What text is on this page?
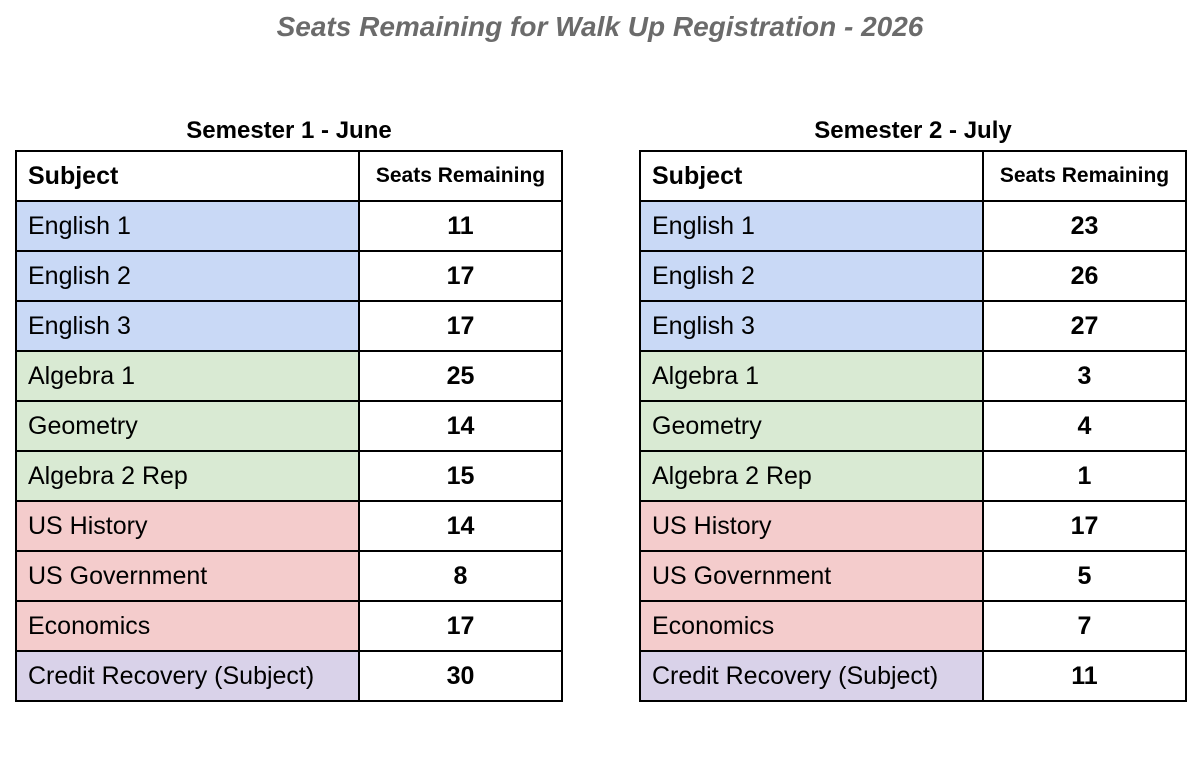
Seats Remaining for Walk Up Registration - 2026
Semester 1 - June
Subject	Seats Remaining
English 1	11
English 2	17
English 3	17
Algebra 1	25
Geometry	14
Algebra 2 Rep	15
US History	14
US Government	8
Economics	17
Credit Recovery (Subject)	30
Semester 2 - July
Subject	Seats Remaining
English 1	23
English 2	26
English 3	27
Algebra 1	3
Geometry	4
Algebra 2 Rep	1
US History	17
US Government	5
Economics	7
Credit Recovery (Subject)	11
